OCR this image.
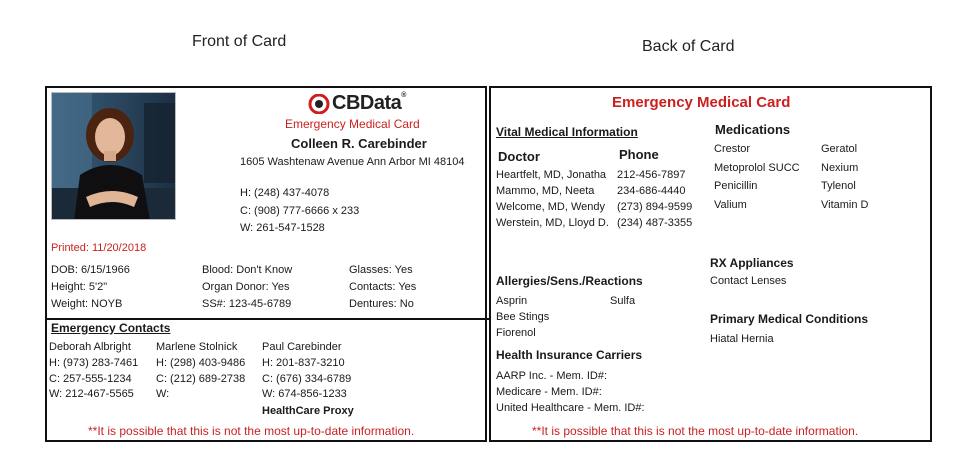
Front of Card	Back of Card
CBData®
Emergency Medical Card
Colleen R. Carebinder
1605 Washtenaw Avenue Ann Arbor MI 48104
H: (248) 437-4078
C: (908) 777-6666 x 233
W: 261-547-1528
Printed: 11/20/2018
DOB: 6/15/1966	Blood: Don't Know	Glasses: Yes
Height: 5'2"	Organ Donor: Yes	Contacts: Yes
Weight: NOYB	SS#: 123-45-6789	Dentures: No
Emergency Contacts
Deborah Albright
H: (973) 283-7461
C: 257-555-1234
W: 212-467-5565
Marlene Stolnick
H: (298) 403-9486
C: (212) 689-2738
W:
Paul Carebinder
H: 201-837-3210
C: (676) 334-6789
W: 674-856-1233
HealthCare Proxy
**It is possible that this is not the most up-to-date information.
Emergency Medical Card
Vital Medical Information
Doctor	Phone
Heartfelt, MD, Jonatha 212-456-7897
Mammo, MD, Neeta 234-686-4440
Welcome, MD, Wendy (273) 894-9599
Werstein, MD, Lloyd D. (234) 487-3355
Medications
Crestor
Metoprolol SUCC
Penicillin
Valium
Geratol
Nexium
Tylenol
Vitamin D
Allergies/Sens./Reactions
Asprin
Bee Stings
Fiorenol
Sulfa
RX Appliances
Contact Lenses
Primary Medical Conditions
Hiatal Hernia
Health Insurance Carriers
AARP Inc. - Mem. ID#:
Medicare - Mem. ID#:
United Healthcare - Mem. ID#:
**It is possible that this is not the most up-to-date information.
